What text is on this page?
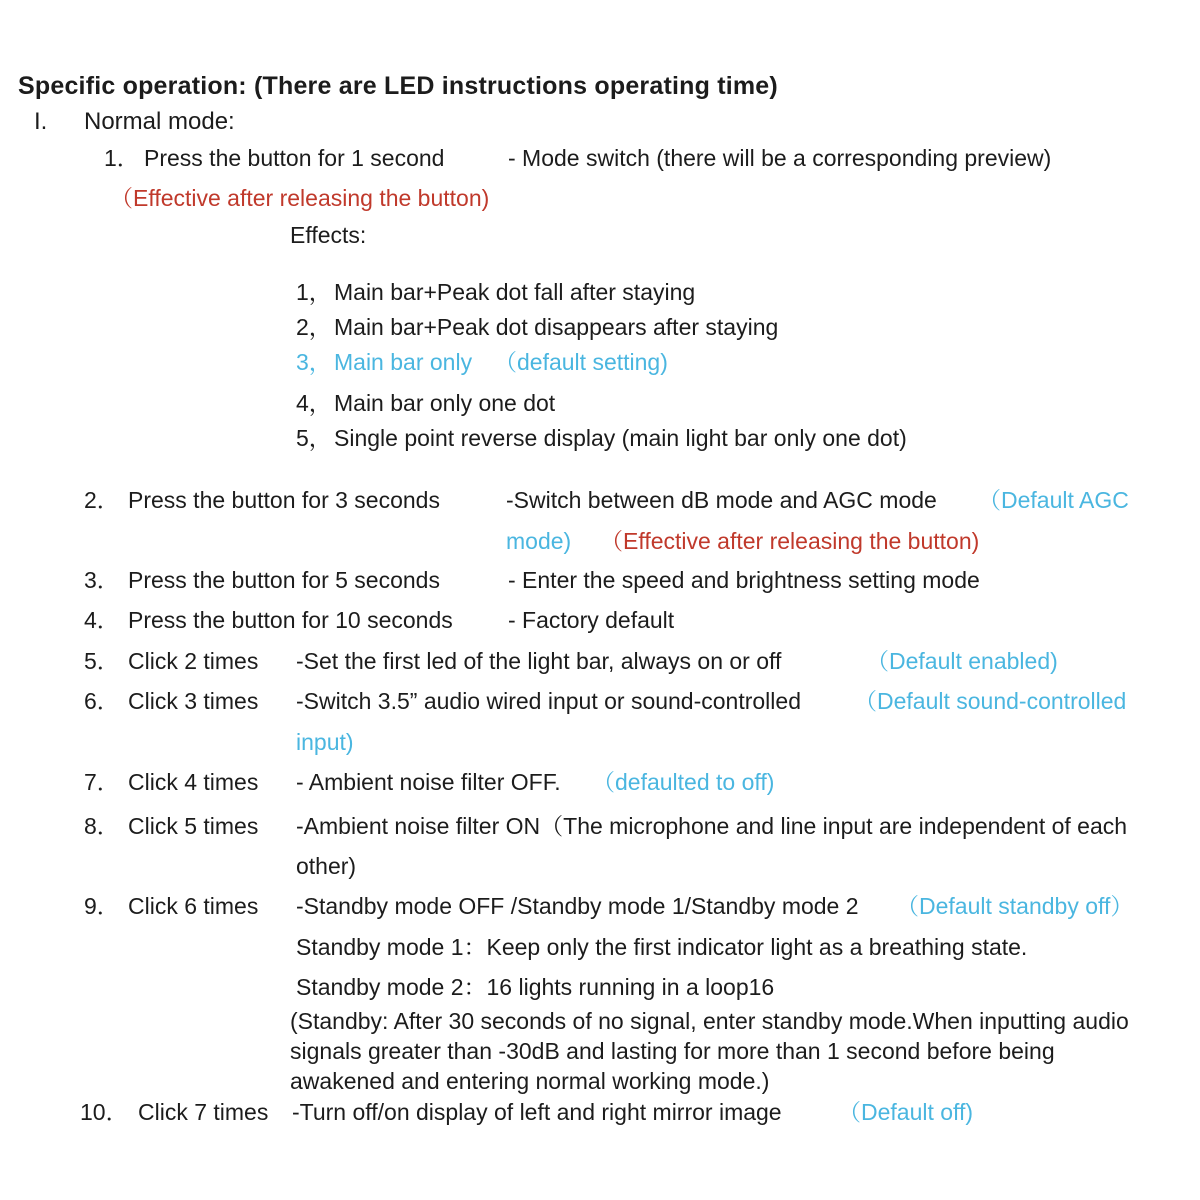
Specific operation: (There are LED instructions operating time)
I. Normal mode:
1． Press the button for 1 second	- Mode switch (there will be a corresponding preview)
（Effective after releasing the button)
Effects:
1， Main bar+Peak dot fall after staying
2， Main bar+Peak dot disappears after staying
3， Main bar only （default setting)
4， Main bar only one dot
5， Single point reverse display (main light bar only one dot)
2． Press the button for 3 seconds	-Switch between dB mode and AGC mode （Default AGC
mode) （Effective after releasing the button)
3． Press the button for 5 seconds	- Enter the speed and brightness setting mode
4． Press the button for 10 seconds - Factory default
5． Click 2 times -Set the first led of the light bar, always on or off	（Default enabled)
6． Click 3 times -Switch 3.5” audio wired input or sound-controlled （Default sound-controlled
input)
7． Click 4 times - Ambient noise filter OFF. （defaulted to off)
8． Click 5 times -Ambient noise filter ON（The microphone and line input are independent of each
other)
9． Click 6 times -Standby mode OFF /Standby mode 1/Standby mode 2 （Default standby off）
Standby mode 1：Keep only the first indicator light as a breathing state.
Standby mode 2：16 lights running in a loop16
(Standby: After 30 seconds of no signal, enter standby mode.When inputting audio
signals greater than -30dB and lasting for more than 1 second before being
awakened and entering normal working mode.)
10． Click 7 times -Turn off/on display of left and right mirror image （Default off)
